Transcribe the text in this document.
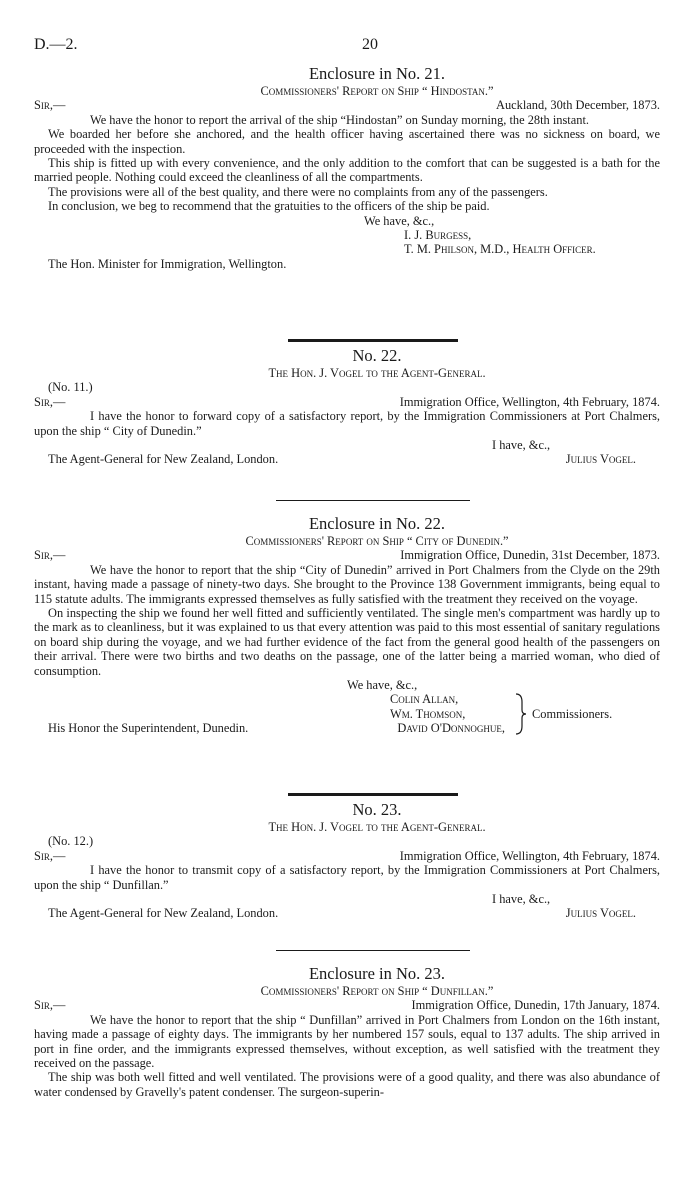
D.—2.	20
Enclosure in No. 21.
Commissioners' Report on Ship “ Hindostan.”
Sir,—	Auckland, 30th December, 1873.

We have the honor to report the arrival of the ship “Hindostan” on Sunday morning, the 28th instant.

We boarded her before she anchored, and the health officer having ascertained there was no sickness on board, we proceeded with the inspection.

This ship is fitted up with every convenience, and the only addition to the comfort that can be suggested is a bath for the married people. Nothing could exceed the cleanliness of all the compartments.

The provisions were all of the best quality, and there were no complaints from any of the passengers.

In conclusion, we beg to recommend that the gratuities to the officers of the ship be paid.

We have, &c.,
I. J. Burgess,
T. M. Philson, M.D., Health Officer.
The Hon. Minister for Immigration, Wellington.
No. 22.
The Hon. J. Vogel to the Agent-General.
(No. 11.)
Sir,—	Immigration Office, Wellington, 4th February, 1874.

I have the honor to forward copy of a satisfactory report, by the Immigration Commissioners at Port Chalmers, upon the ship “ City of Dunedin.”

I have, &c.,
The Agent-General for New Zealand, London.	Julius Vogel.
Enclosure in No. 22.
Commissioners' Report on Ship “ City of Dunedin.”
Sir,—	Immigration Office, Dunedin, 31st December, 1873.

We have the honor to report that the ship “City of Dunedin” arrived in Port Chalmers from the Clyde on the 29th instant, having made a passage of ninety-two days. She brought to the Province 138 Government immigrants, being equal to 115 statute adults. The immigrants expressed themselves as fully satisfied with the treatment they received on the voyage.

On inspecting the ship we found her well fitted and sufficiently ventilated. The single men's compartment was hardly up to the mark as to cleanliness, but it was explained to us that every attention was paid to this most essential of sanitary regulations on board ship during the voyage, and we had further evidence of the fact from the general good health of the passengers on their arrival. There were two births and two deaths on the passage, one of the latter being a married woman, who died of consumption.

We have, &c.,
Colin Allan,
Wm. Thomson,
His Honor the Superintendent, Dunedin.	David O'Donnoghue,
Commissioners.
No. 23.
The Hon. J. Vogel to the Agent-General.
(No. 12.)
Sir,—	Immigration Office, Wellington, 4th February, 1874.

I have the honor to transmit copy of a satisfactory report, by the Immigration Commissioners at Port Chalmers, upon the ship “ Dunfillan.”

I have, &c.,
The Agent-General for New Zealand, London.	Julius Vogel.
Enclosure in No. 23.
Commissioners' Report on Ship “ Dunfillan.”
Sir,—	Immigration Office, Dunedin, 17th January, 1874.

We have the honor to report that the ship “ Dunfillan” arrived in Port Chalmers from London on the 16th instant, having made a passage of eighty days. The immigrants by her numbered 157 souls, equal to 137 adults. The ship arrived in port in fine order, and the immigrants expressed themselves, without exception, as well satisfied with the treatment they received on the passage.

The ship was both well fitted and well ventilated. The provisions were of a good quality, and there was also abundance of water condensed by Gravelly's patent condenser. The surgeon-superin-
